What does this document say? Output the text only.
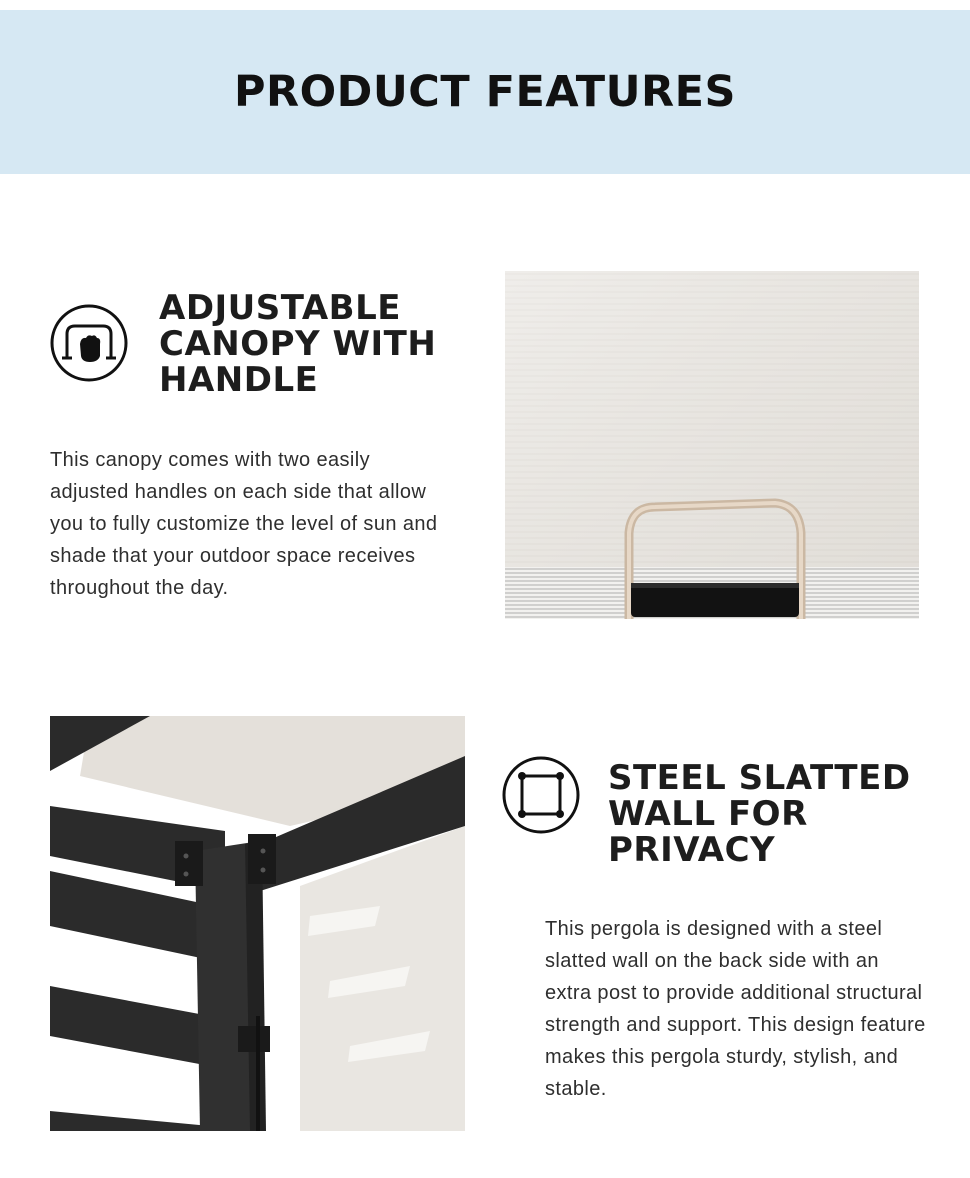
PRODUCT FEATURES
ADJUSTABLE
CANOPY WITH
HANDLE

This canopy comes with two easily adjusted handles on each side that allow you to fully customize the level of sun and shade that your outdoor space receives throughout the day.

STEEL SLATTED
WALL FOR
PRIVACY

This pergola is designed with a steel slatted wall on the back side with an extra post to provide additional structural strength and support. This design feature makes this pergola sturdy, stylish, and stable.
